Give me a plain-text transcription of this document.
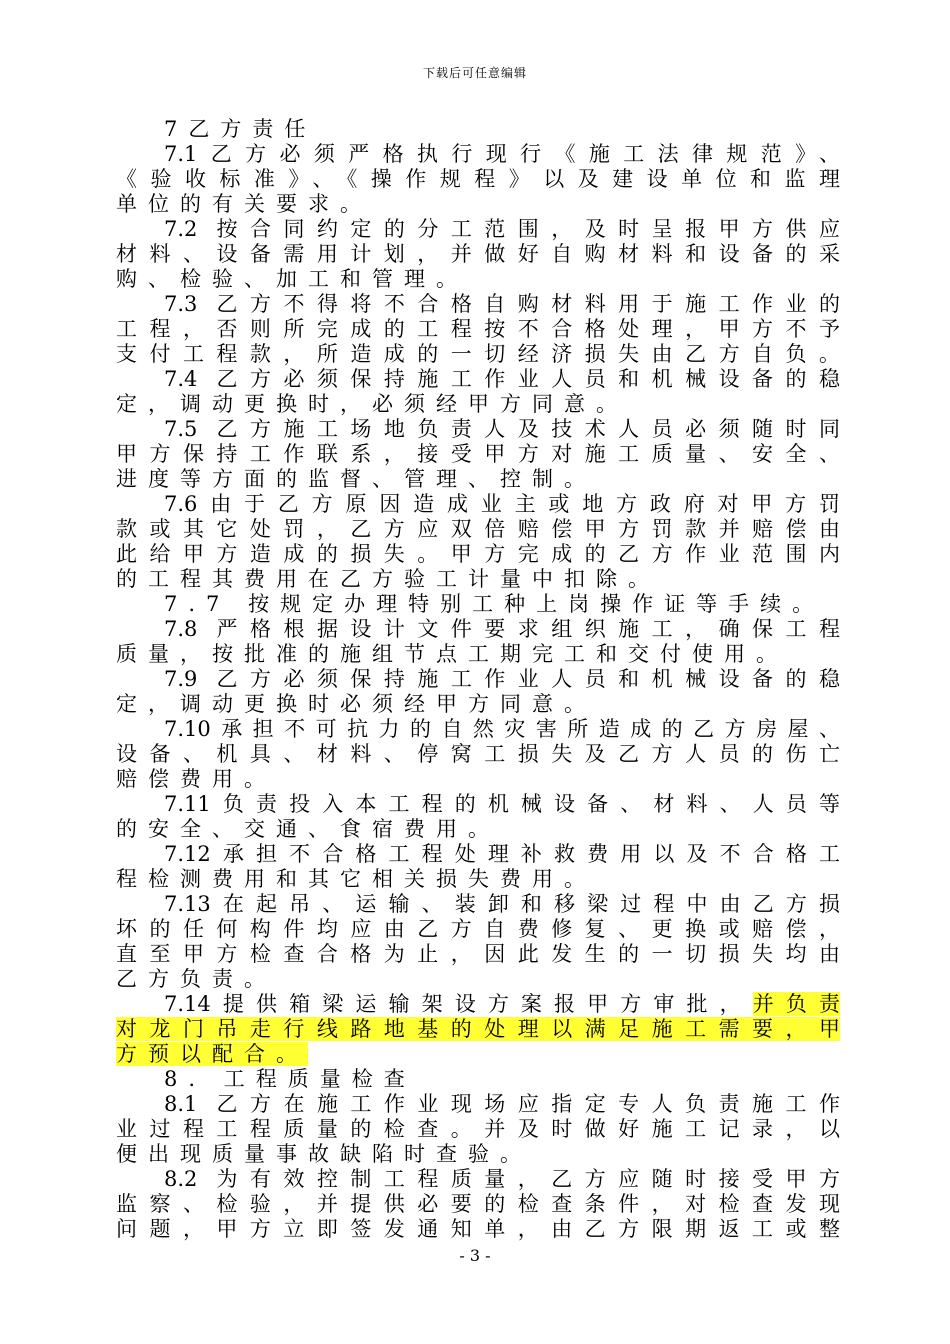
下载后可任意编辑
7乙方责任
7.1乙方必须严格执行现行《施工法律规范》、
《验收标准》、《操作规程》以及建设单位和监理
单位的有关要求。
7.2 按合同约定的分工范围，及时呈报甲方供应
材料、设备需用计划，并做好自购材料和设备的采
购、检验、加工和管理。
7.3 乙方不得将不合格自购材料用于施工作业的
工程，否则所完成的工程按不合格处理，甲方不予
支付工程款，所造成的一切经济损失由乙方自负。
7.4 乙方必须保持施工作业人员和机械设备的稳
定，调动更换时，必须经甲方同意。
7.5 乙方施工场地负责人及技术人员必须随时同
甲方保持工作联系，接受甲方对施工质量、安全、
进度等方面的监督、管理、控制。
7.6由于乙方原因造成业主或地方政府对甲方罚
款或其它处罚，乙方应双倍赔偿甲方罚款并赔偿由
此给甲方造成的损失。甲方完成的乙方作业范围内
的工程其费用在乙方验工计量中扣除。
7.7 按规定办理特别工种上岗操作证等手续。
7.8 严格根据设计文件要求组织施工，确保工程
质量，按批准的施组节点工期完工和交付使用。
7.9 乙方必须保持施工作业人员和机械设备的稳
定，调动更换时必须经甲方同意。
7.10承担不可抗力的自然灾害所造成的乙方房屋、
设备、机具、材料、停窝工损失及乙方人员的伤亡
赔偿费用。
7.11负责投入本工程的机械设备、材料、人员等
的安全、交通、食宿费用。
7.12承担不合格工程处理补救费用以及不合格工
程检测费用和其它相关损失费用。
7.13在起吊、运输、装卸和移梁过程中由乙方损
坏的任何构件均应由乙方自费修复、更换或赔偿，
直至甲方检查合格为止，因此发生的一切损失均由
乙方负责。
7.14提供箱梁运输架设方案报甲方审批，并负责
对龙门吊走行线路地基的处理以满足施工需要，甲
方预以配合。
8. 工程质量检查
8.1 乙方在施工作业现场应指定专人负责施工作
业过程工程质量的检查。并及时做好施工记录，以
便出现质量事故缺陷时查验。
8.2 为有效控制工程质量，乙方应随时接受甲方
监察、检验，并提供必要的检查条件，对检查发现
问题，甲方立即签发通知单，由乙方限期返工或整
- 3 -
